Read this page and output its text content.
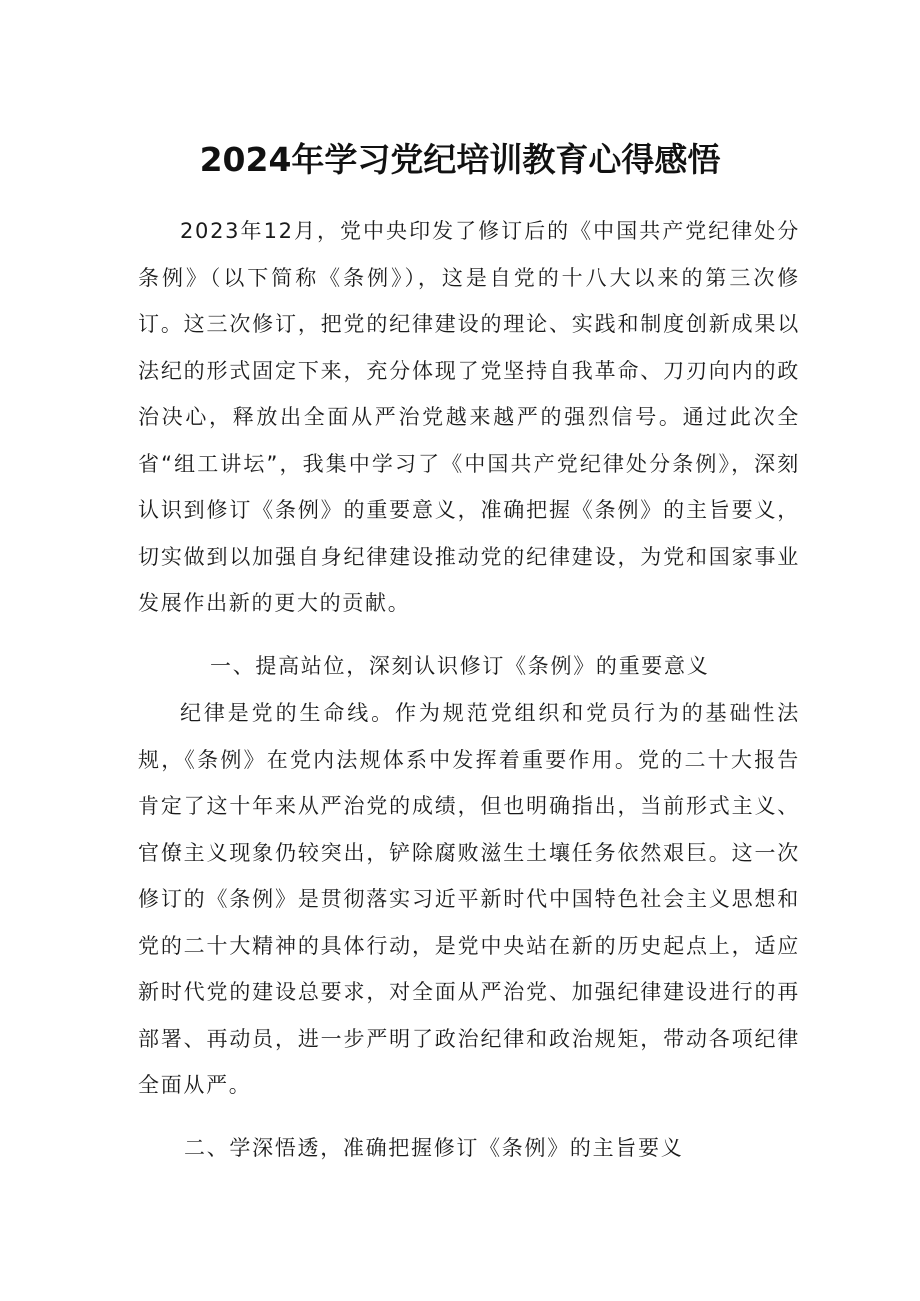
2024年学习党纪培训教育心得感悟

2023年12月，党中央印发了修订后的《中国共产党纪律处分条例》（以下简称《条例》），这是自党的十八大以来的第三次修订。这三次修订，把党的纪律建设的理论、实践和制度创新成果以法纪的形式固定下来，充分体现了党坚持自我革命、刀刃向内的政治决心，释放出全面从严治党越来越严的强烈信号。通过此次全省“组工讲坛”，我集中学习了《中国共产党纪律处分条例》，深刻认识到修订《条例》的重要意义，准确把握《条例》的主旨要义，切实做到以加强自身纪律建设推动党的纪律建设，为党和国家事业发展作出新的更大的贡献。

一、提高站位，深刻认识修订《条例》的重要意义

纪律是党的生命线。作为规范党组织和党员行为的基础性法规，《条例》在党内法规体系中发挥着重要作用。党的二十大报告肯定了这十年来从严治党的成绩，但也明确指出，当前形式主义、官僚主义现象仍较突出，铲除腐败滋生土壤任务依然艰巨。这一次修订的《条例》是贯彻落实习近平新时代中国特色社会主义思想和党的二十大精神的具体行动，是党中央站在新的历史起点上，适应新时代党的建设总要求，对全面从严治党、加强纪律建设进行的再部署、再动员，进一步严明了政治纪律和政治规矩，带动各项纪律全面从严。

二、学深悟透，准确把握修订《条例》的主旨要义
